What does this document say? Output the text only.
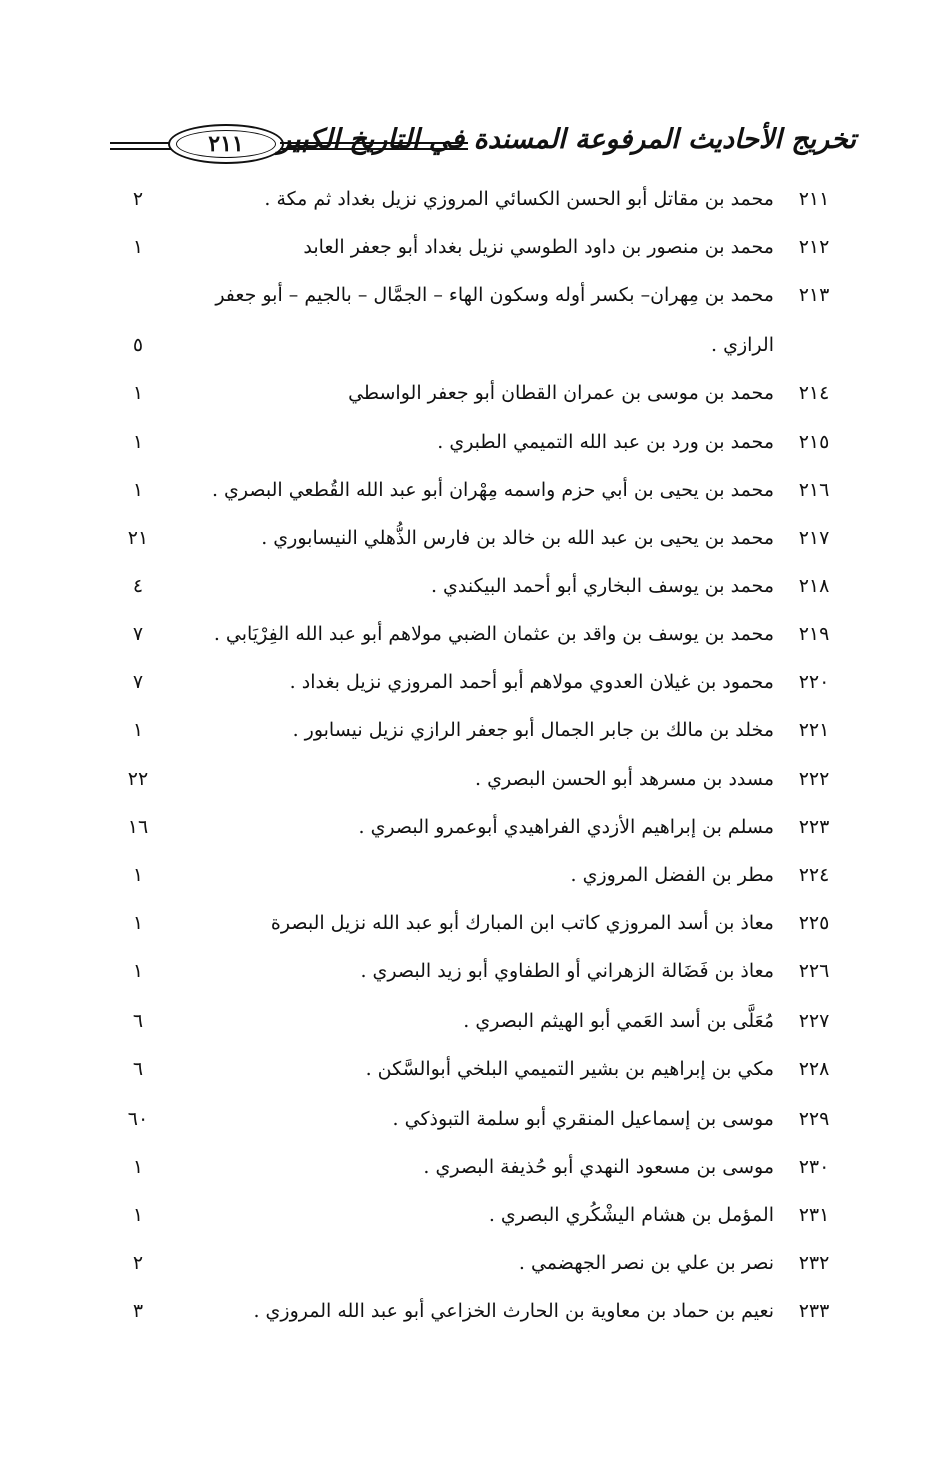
٢١١ تخريج الأحاديث المرفوعة المسندة في التاريخ الكبير
٢١١
محمد بن مقاتل أبو الحسن الكسائي المروزي نزيل بغداد ثم مكة .
٢
٢١٢
محمد بن منصور بن داود الطوسي نزيل بغداد أبو جعفر العابد
١
٢١٣
محمد بن مِهران– بكسر أوله وسكون الهاء – الجمَّال – بالجيم – أبو جعفر
الرازي .
٥
٢١٤
محمد بن موسى بن عمران القطان أبو جعفر الواسطي
١
٢١٥
محمد بن ورد بن عبد الله التميمي الطبري .
١
٢١٦
محمد بن يحيى بن أبي حزم واسمه مِهْران أبو عبد الله القُطعي البصري .
١
٢١٧
محمد بن يحيى بن عبد الله بن خالد بن فارس الذُّهلي النيسابوري .
٢١
٢١٨
محمد بن يوسف البخاري أبو أحمد البيكندي .
٤
٢١٩
محمد بن يوسف بن واقد بن عثمان الضبي مولاهم أبو عبد الله الفِرْيَابي .
٧
٢٢٠
محمود بن غيلان العدوي مولاهم أبو أحمد المروزي نزيل بغداد .
٧
٢٢١
مخلد بن مالك بن جابر الجمال أبو جعفر الرازي نزيل نيسابور .
١
٢٢٢
مسدد بن مسرهد أبو الحسن البصري .
٢٢
٢٢٣
مسلم بن إبراهيم الأزدي الفراهيدي أبوعمرو البصري .
١٦
٢٢٤
مطر بن الفضل المروزي .
١
٢٢٥
معاذ بن أسد المروزي كاتب ابن المبارك أبو عبد الله نزيل البصرة
١
٢٢٦
معاذ بن فَضَالة الزهراني أو الطفاوي أبو زيد البصري .
١
٢٢٧
مُعَلَّى بن أسد العَمي أبو الهيثم البصري .
٦
٢٢٨
مكي بن إبراهيم بن بشير التميمي البلخي أبوالسَّكن .
٦
٢٢٩
موسى بن إسماعيل المنقري أبو سلمة التبوذكي .
٦٠
٢٣٠
موسى بن مسعود النهدي أبو حُذيفة البصري .
١
٢٣١
المؤمل بن هشام اليشْكُري البصري .
١
٢٣٢
نصر بن علي بن نصر الجهضمي .
٢
٢٣٣
نعيم بن حماد بن معاوية بن الحارث الخزاعي أبو عبد الله المروزي .
٣
